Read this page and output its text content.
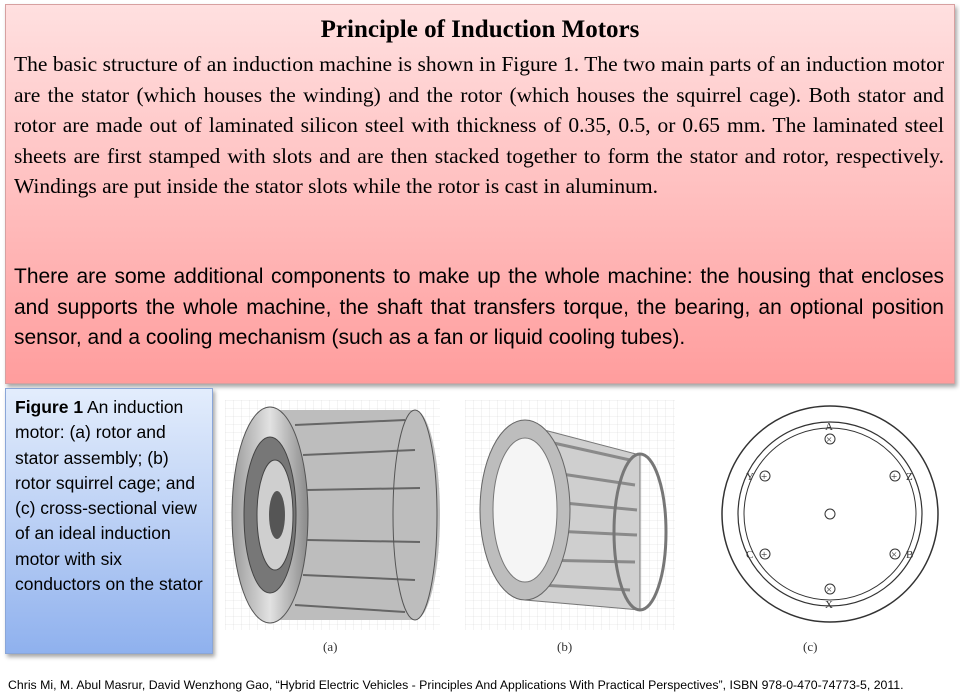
Principle of Induction Motors

The basic structure of an induction machine is shown in Figure 1. The two main parts of an induction motor are the stator (which houses the winding) and the rotor (which houses the squirrel cage). Both stator and rotor are made out of laminated silicon steel with thickness of 0.35, 0.5, or 0.65 mm. The laminated steel sheets are first stamped with slots and are then stacked together to form the stator and rotor, respectively. Windings are put inside the stator slots while the rotor is cast in aluminum.

There are some additional components to make up the whole machine: the housing that encloses and supports the whole machine, the shaft that transfers torque, the bearing, an optional position sensor, and a cooling mechanism (such as a fan or liquid cooling tubes).

Figure 1 An induction motor: (a) rotor and stator assembly; (b) rotor squirrel cage; and (c) cross-sectional view of an ideal induction motor with six conductors on the stator
A
×
Z
+
Y +
X
×
C +	B
×
(a)	(b)	(c)
Chris Mi, M. Abul Masrur, David Wenzhong Gao, “Hybrid Electric Vehicles - Principles And Applications With Practical Perspectives”, ISBN 978-0-470-74773-5, 2011.
